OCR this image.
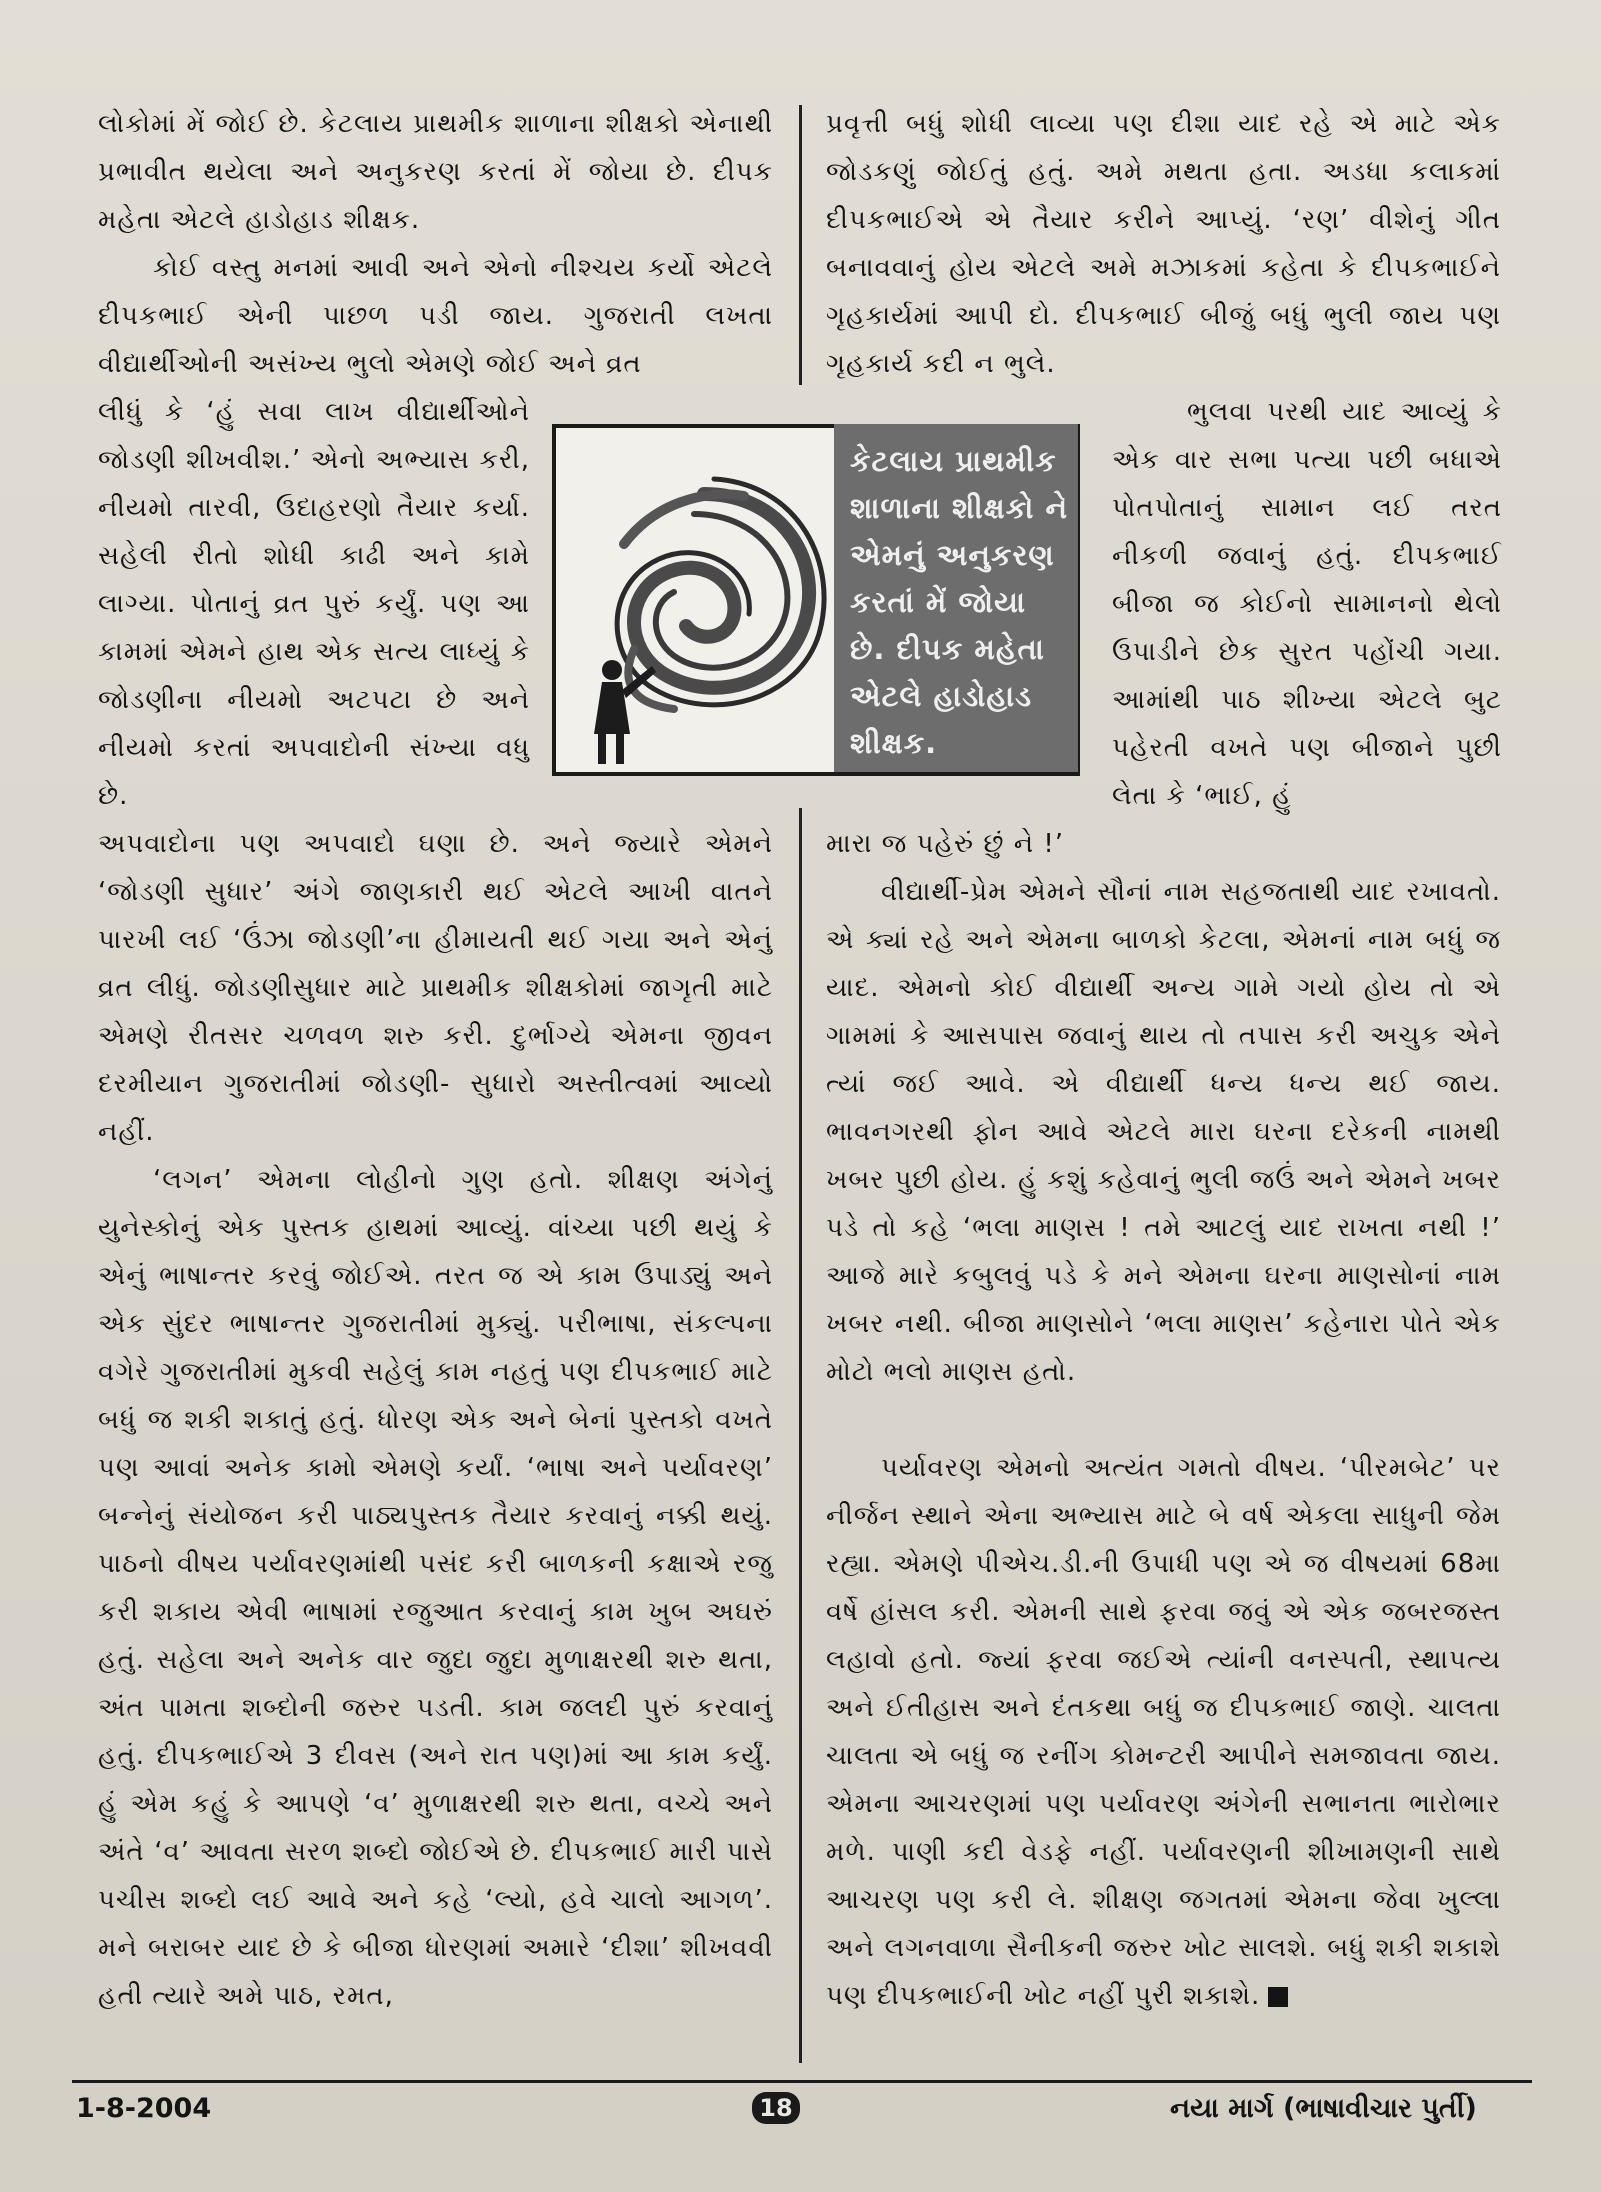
લોકોમાં મેં જોઈ છે. કેટલાય પ્રાથમીક શાળાના શીક્ષકો એનાથી પ્રભાવીત થયેલા અને અનુકરણ કરતાં મેં જોયા છે. દીપક મહેતા એટલે હાડોહાડ શીક્ષક.

કોઈ વસ્તુ મનમાં આવી અને એનો નીશ્ચય કર્યો એટલે દીપકભાઈ એની પાછળ પડી જાય. ગુજરાતી લખતા વીદ્યાર્થીઓની અસંખ્ય ભુલો એમણે જોઈ અને વ્રત

લીધું કે ‘હું સવા લાખ વીદ્યાર્થીઓને જોડણી શીખવીશ.’ એનો અભ્યાસ કરી, નીયમો તારવી, ઉદાહરણો તૈયાર કર્યા. સહેલી રીતો શોધી કાઢી અને કામે લાગ્યા. પોતાનું વ્રત પુરું કર્યું. પણ આ કામમાં એમને હાથ એક સત્ય લાધ્યું કે જોડણીના નીયમો અટપટા છે અને નીયમો કરતાં અપવાદોની સંખ્યા વધુ છે.

અપવાદોના પણ અપવાદો ઘણા છે. અને જ્યારે એમને ‘જોડણી સુધાર’ અંગે જાણકારી થઈ એટલે આખી વાતને પારખી લઈ ‘ઉંઝા જોડણી’ના હીમાયતી થઈ ગયા અને એનું વ્રત લીધું. જોડણીસુધાર માટે પ્રાથમીક શીક્ષકોમાં જાગૃતી માટે એમણે રીતસર ચળવળ શરુ કરી. દુર્ભાગ્યે એમના જીવન દરમીયાન ગુજરાતીમાં જોડણી- સુધારો અસ્તીત્વમાં આવ્યો નહીં.

‘લગન’ એમના લોહીનો ગુણ હતો. શીક્ષણ અંગેનું યુનેસ્કોનું એક પુસ્તક હાથમાં આવ્યું. વાંચ્યા પછી થયું કે એનું ભાષાન્તર કરવું જોઈએ. તરત જ એ કામ ઉપાડ્યું અને એક સુંદર ભાષાન્તર ગુજરાતીમાં મુક્યું. પરીભાષા, સંકલ્પના વગેરે ગુજરાતીમાં મુકવી સહેલું કામ નહતું પણ દીપકભાઈ માટે બધું જ શકી શકાતું હતું. ધોરણ એક અને બેનાં પુસ્તકો વખતે પણ આવાં અનેક કામો એમણે કર્યાં. ‘ભાષા અને પર્યાવરણ’ બન્નેનું સંયોજન કરી પાઠ્યપુસ્તક તૈયાર કરવાનું નક્કી થયું. પાઠનો વીષય પર્યાવરણમાંથી પસંદ કરી બાળકની કક્ષાએ રજુ કરી શકાય એવી ભાષામાં રજુઆત કરવાનું કામ ખુબ અઘરું હતું. સહેલા અને અનેક વાર જુદા જુદા મુળાક્ષરથી શરુ થતા, અંત પામતા શબ્દોની જરુર પડતી. કામ જલદી પુરું કરવાનું હતું. દીપકભાઈએ 3 દીવસ (અને રાત પણ)માં આ કામ કર્યું. હું એમ કહું કે આપણે ‘વ’ મુળાક્ષરથી શરુ થતા, વચ્ચે અને અંતે ‘વ’ આવતા સરળ શબ્દો જોઈએ છે. દીપકભાઈ મારી પાસે પચીસ શબ્દો લઈ આવે અને કહે ‘લ્યો, હવે ચાલો આગળ’. મને બરાબર યાદ છે કે બીજા ધોરણમાં અમારે ‘દીશા’ શીખવવી હતી ત્યારે અમે પાઠ, રમત,

પ્રવૃત્તી બધું શોધી લાવ્યા પણ દીશા યાદ રહે એ માટે એક જોડકણું જોઈતું હતું. અમે મથતા હતા. અડધા કલાકમાં દીપકભાઈએ એ તૈયાર કરીને આપ્યું. ‘રણ’ વીશેનું ગીત બનાવવાનું હોય એટલે અમે મઝાકમાં કહેતા કે દીપકભાઈને ગૃહકાર્યમાં આપી દો. દીપકભાઈ બીજું બધું ભુલી જાય પણ ગૃહકાર્ય કદી ન ભુલે.

ભુલવા પરથી યાદ આવ્યું કે એક વાર સભા પત્યા પછી બધાએ પોતપોતાનું સામાન લઈ તરત નીકળી જવાનું હતું. દીપકભાઈ બીજા જ કોઈનો સામાનનો થેલો ઉપાડીને છેક સુરત પહોંચી ગયા. આમાંથી પાઠ શીખ્યા એટલે બુટ પહેરતી વખતે પણ બીજાને પુછી લેતા કે ‘ભાઈ, હું

મારા જ પહેરું છું ને !’

વીદ્યાર્થી-પ્રેમ એમને સૌનાં નામ સહજતાથી યાદ રખાવતો. એ ક્યાં રહે અને એમના બાળકો કેટલા, એમનાં નામ બધું જ યાદ. એમનો કોઈ વીદ્યાર્થી અન્ય ગામે ગયો હોય તો એ ગામમાં કે આસપાસ જવાનું થાય તો તપાસ કરી અચુક એને ત્યાં જઈ આવે. એ વીદ્યાર્થી ધન્ય ધન્ય થઈ જાય. ભાવનગરથી ફોન આવે એટલે મારા ઘરના દરેકની નામથી ખબર પુછી હોય. હું કશું કહેવાનું ભુલી જઉં અને એમને ખબર પડે તો કહે ‘ભલા માણસ ! તમે આટલું યાદ રાખતા નથી !’ આજે મારે કબુલવું પડે કે મને એમના ઘરના માણસોનાં નામ ખબર નથી. બીજા માણસોને ‘ભલા માણસ’ કહેનારા પોતે એક મોટો ભલો માણસ હતો.

પર્યાવરણ એમનો અત્યંત ગમતો વીષય. ‘પીરમબેટ’ પર નીર્જન સ્થાને એના અભ્યાસ માટે બે વર્ષ એકલા સાધુની જેમ રહ્યા. એમણે પીએચ.ડી.ની ઉપાધી પણ એ જ વીષયમાં 68મા વર્ષે હાંસલ કરી. એમની સાથે ફરવા જવું એ એક જબરજસ્ત લહાવો હતો. જ્યાં ફરવા જઈએ ત્યાંની વનસ્પતી, સ્થાપત્ય અને ઈતીહાસ અને દંતકથા બધું જ દીપકભાઈ જાણે. ચાલતા ચાલતા એ બધું જ રનીંગ કોમન્ટરી આપીને સમજાવતા જાય. એમના આચરણમાં પણ પર્યાવરણ અંગેની સભાનતા ભારોભાર મળે. પાણી કદી વેડફે નહીં. પર્યાવરણની શીખામણની સાથે આચરણ પણ કરી લે. શીક્ષણ જગતમાં એમના જેવા ખુલ્લા અને લગનવાળા સૈનીકની જરુર ખોટ સાલશે. બધું શકી શકાશે પણ દીપકભાઈની ખોટ નહીં પુરી શકાશે.

કેટલાય પ્રાથમીક શાળાના શીક્ષકો ને એમનું અનુકરણ કરતાં મેં જોયા છે. દીપક મહેતા એટલે હાડોહાડ શીક્ષક.
1-8-2004	18	નયા માર્ગ (ભાષાવીચાર પુર્તી)
